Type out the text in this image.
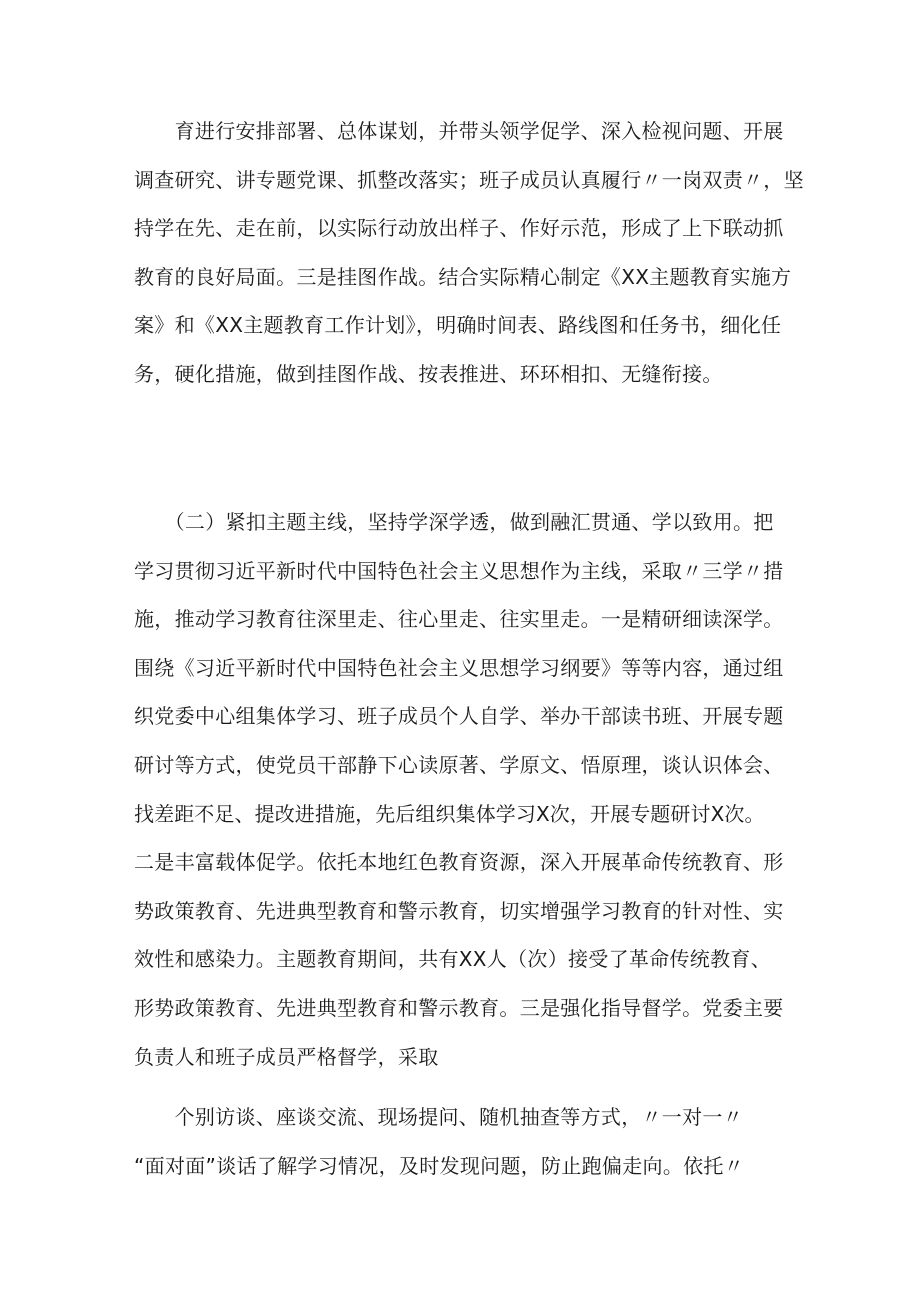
　　育进行安排部署、总体谋划，并带头领学促学、深入检视问题、开展
调查研究、讲专题党课、抓整改落实；班子成员认真履行〃一岗双责〃，坚
持学在先、走在前，以实际行动放出样子、作好示范，形成了上下联动抓
教育的良好局面。三是挂图作战。结合实际精心制定《XX主题教育实施方
案》和《XX主题教育工作计划》，明确时间表、路线图和任务书，细化任
务，硬化措施，做到挂图作战、按表推进、环环相扣、无缝衔接。
　　（二）紧扣主题主线，坚持学深学透，做到融汇贯通、学以致用。把
学习贯彻习近平新时代中国特色社会主义思想作为主线，采取〃三学〃措
施，推动学习教育往深里走、往心里走、往实里走。一是精研细读深学。
围绕《习近平新时代中国特色社会主义思想学习纲要》等等内容，通过组
织党委中心组集体学习、班子成员个人自学、举办干部读书班、开展专题
研讨等方式，使党员干部静下心读原著、学原文、悟原理，谈认识体会、
找差距不足、提改进措施，先后组织集体学习X次，开展专题研讨X次。
二是丰富载体促学。依托本地红色教育资源，深入开展革命传统教育、形
势政策教育、先进典型教育和警示教育，切实增强学习教育的针对性、实
效性和感染力。主题教育期间，共有XX人（次）接受了革命传统教育、
形势政策教育、先进典型教育和警示教育。三是强化指导督学。党委主要
负责人和班子成员严格督学，采取
　　个别访谈、座谈交流、现场提问、随机抽查等方式，〃一对一〃
“面对面”谈话了解学习情况，及时发现问题，防止跑偏走向。依托〃
